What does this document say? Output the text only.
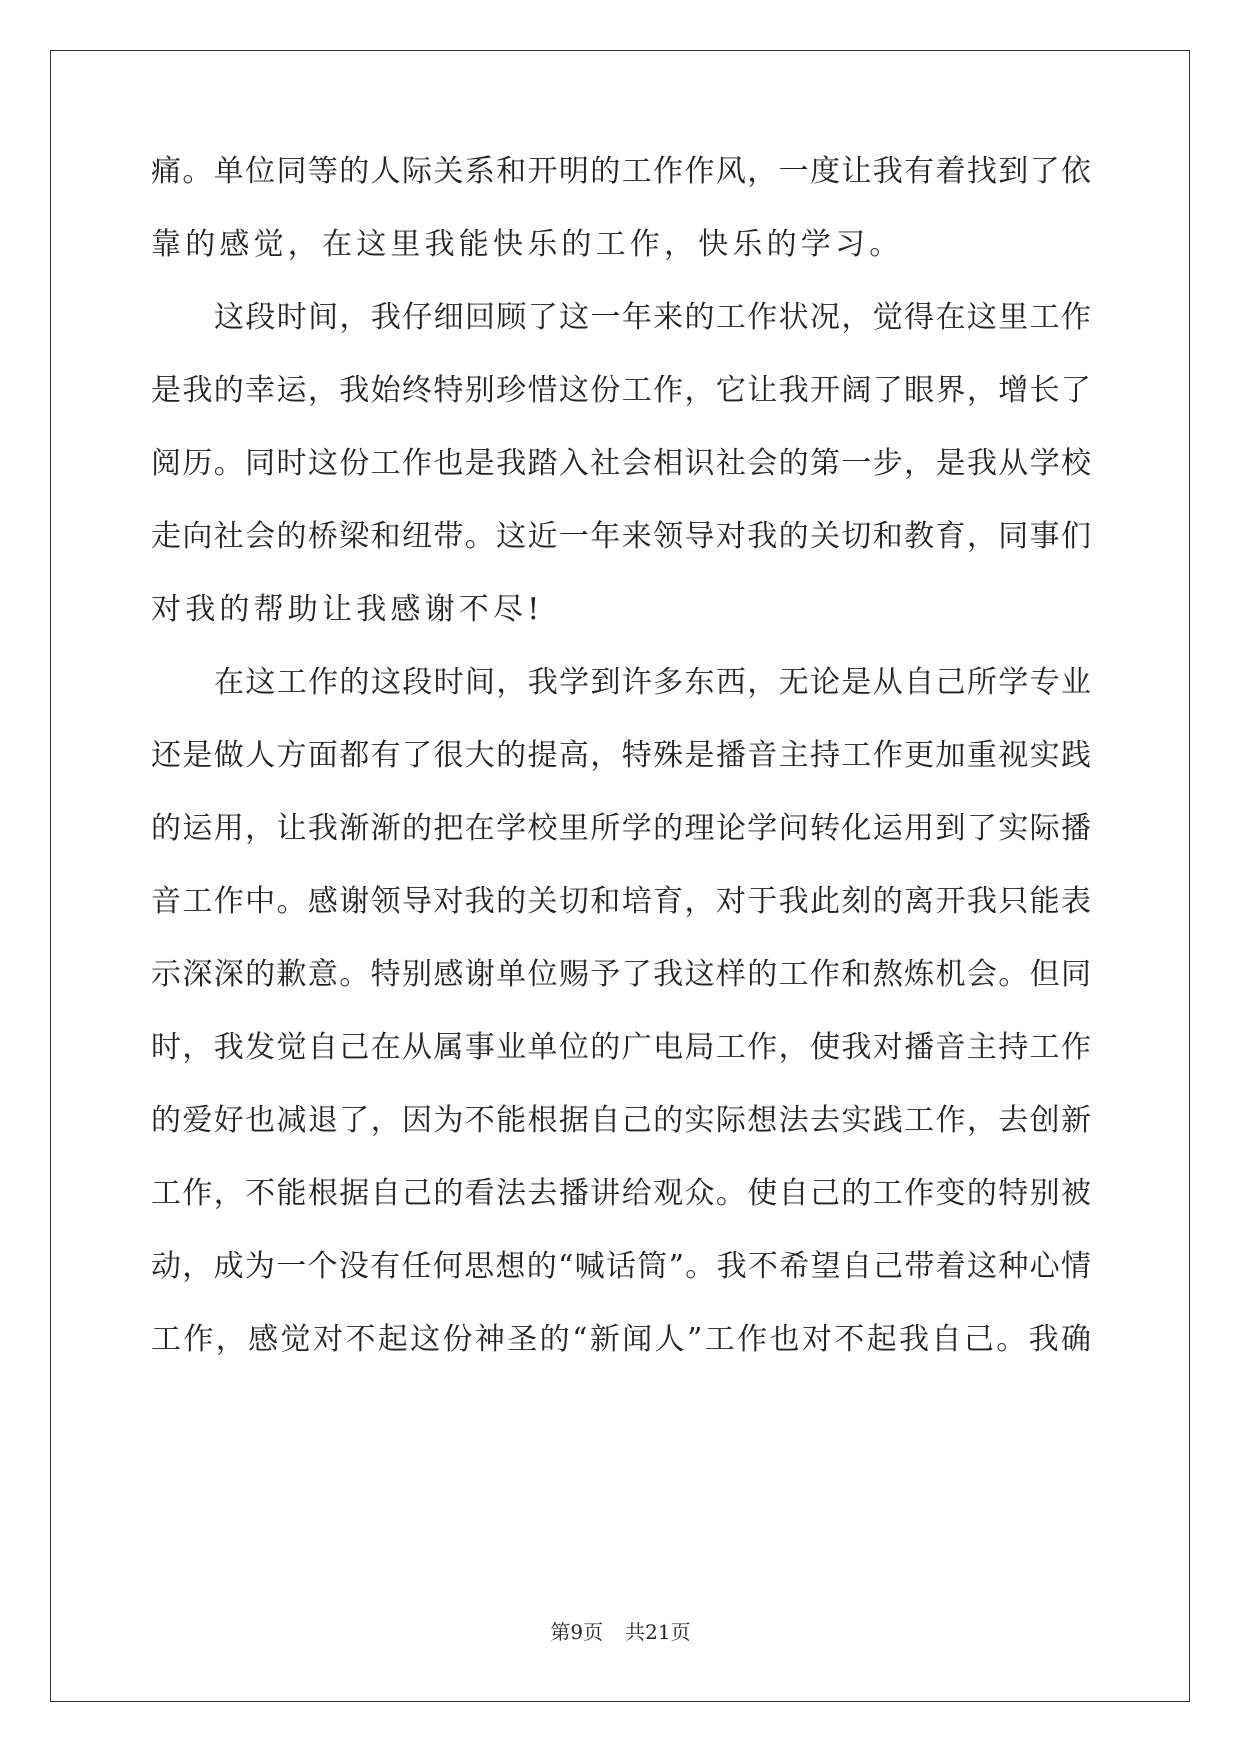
痛。单位同等的人际关系和开明的工作作风，一度让我有着找到了依
靠的感觉，在这里我能快乐的工作，快乐的学习。
这段时间，我仔细回顾了这一年来的工作状况，觉得在这里工作
是我的幸运，我始终特别珍惜这份工作，它让我开阔了眼界，增长了
阅历。同时这份工作也是我踏入社会相识社会的第一步，是我从学校
走向社会的桥梁和纽带。这近一年来领导对我的关切和教育，同事们
对我的帮助让我感谢不尽!
在这工作的这段时间，我学到许多东西，无论是从自己所学专业
还是做人方面都有了很大的提高，特殊是播音主持工作更加重视实践
的运用，让我渐渐的把在学校里所学的理论学问转化运用到了实际播
音工作中。感谢领导对我的关切和培育，对于我此刻的离开我只能表
示深深的歉意。特别感谢单位赐予了我这样的工作和熬炼机会。但同
时，我发觉自己在从属事业单位的广电局工作，使我对播音主持工作
的爱好也减退了，因为不能根据自己的实际想法去实践工作，去创新
工作，不能根据自己的看法去播讲给观众。使自己的工作变的特别被
动，成为一个没有任何思想的“喊话筒”。我不希望自己带着这种心情
工作，感觉对不起这份神圣的“新闻人”工作也对不起我自己。我确
第9页 共21页
